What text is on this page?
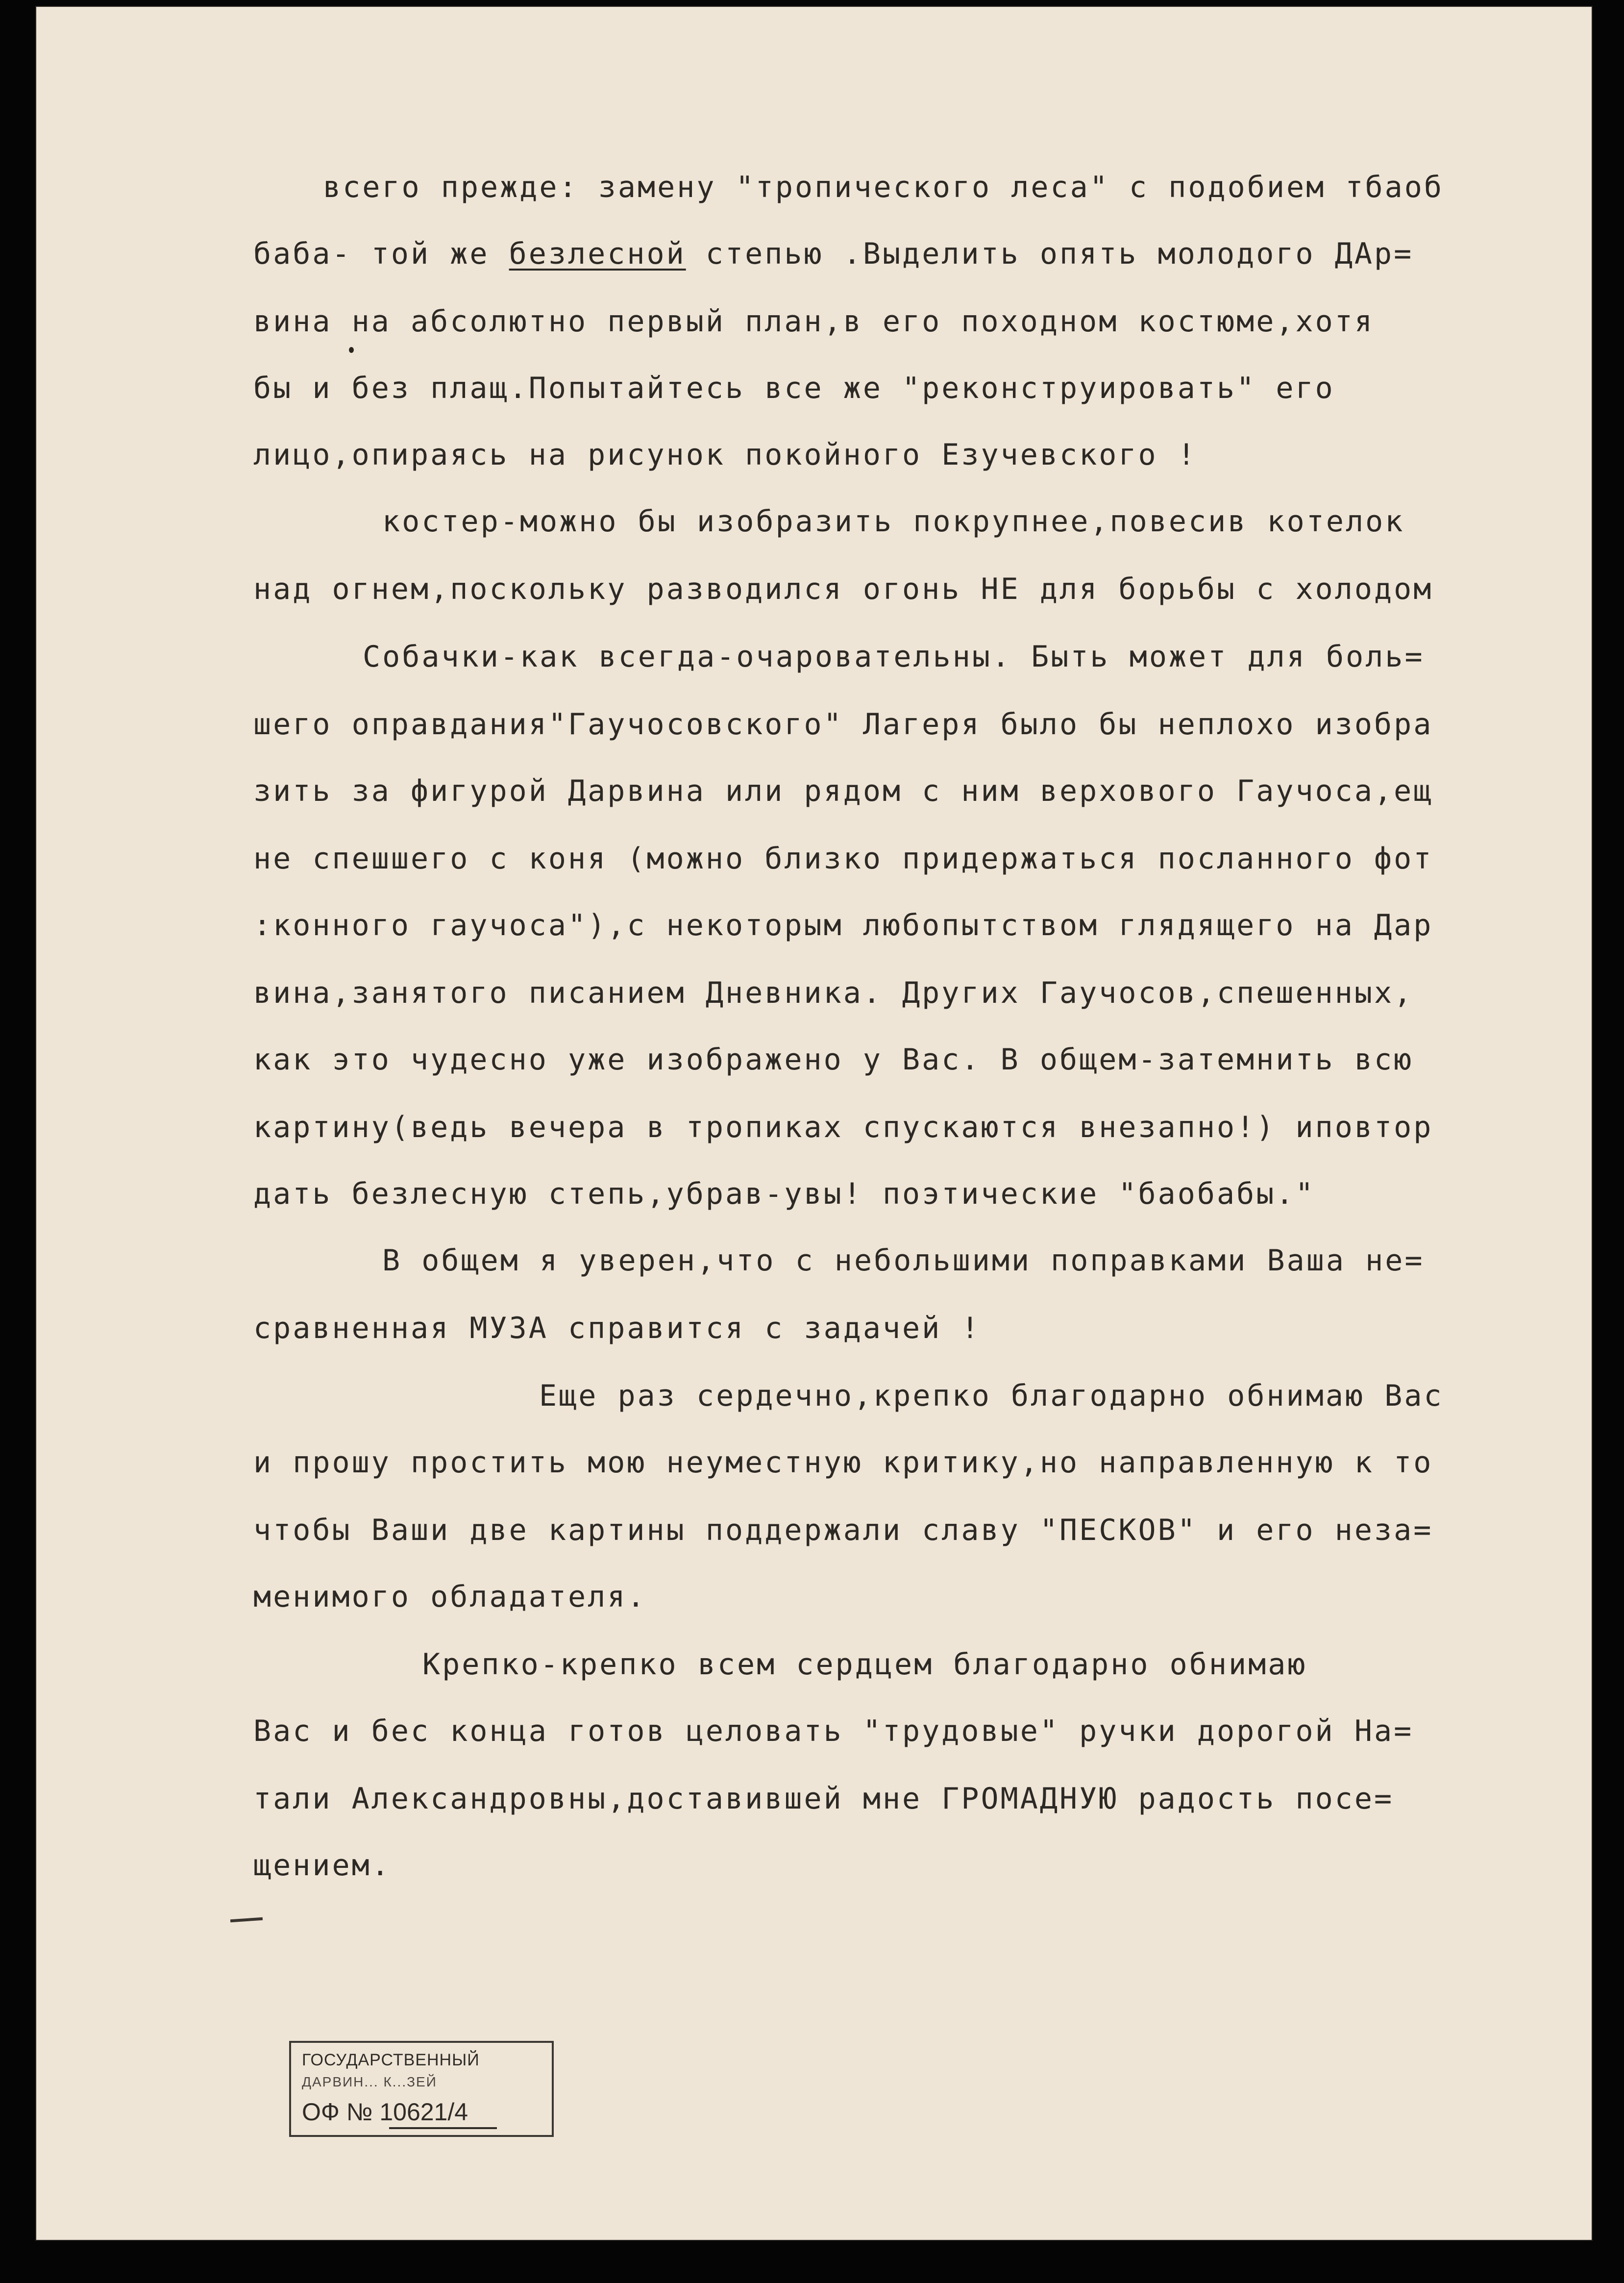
всего прежде: замену "тропического леса" с подобием тбаоб
баба- той же безлесной степью .Выделить опять молодого ДАр=
вина на абсолютно первый план,в его походном костюме,хотя
бы и без плащ.Попытайтесь все же "реконструировать" его
лицо,опираясь на рисунок покойного Езучевского !
костер-можно бы изобразить покрупнее,повесив котелок
над огнем,поскольку разводился огонь НЕ для борьбы с холодом
Собачки-как всегда-очаровательны. Быть может для боль=
шего оправдания"Гаучосовского" Лагеря было бы неплохо изобра
зить за фигурой Дарвина или рядом с ним верхового Гаучоса,ещ
не спешшего с коня (можно близко придержаться посланного фот
:конного гаучоса"),с некоторым любопытством глядящего на Дар
вина,занятого писанием Дневника. Других Гаучосов,спешенных,
как это чудесно уже изображено у Вас. В общем-затемнить всю
картину(ведь вечера в тропиках спускаются внезапно!) иповтор
дать безлесную степь,убрав-увы! поэтические "баобабы."
В общем я уверен,что с небольшими поправками Ваша не=
сравненная МУЗА справится с задачей !
Еще раз сердечно,крепко благодарно обнимаю Вас
и прошу простить мою неуместную критику,но направленную к то
чтобы Ваши две картины поддержали славу "ПЕСКОВ" и его неза=
менимого обладателя.
Крепко-крепко всем сердцем благодарно обнимаю
Вас и бес конца готов целовать "трудовые" ручки дорогой На=
тали Александровны,доставившей мне ГРОМАДНУЮ радость посе=
щением.
ГОСУДАРСТВЕННЫЙ
ДАРВИН... К...ЗЕЙ
ОФ № 10621/4
